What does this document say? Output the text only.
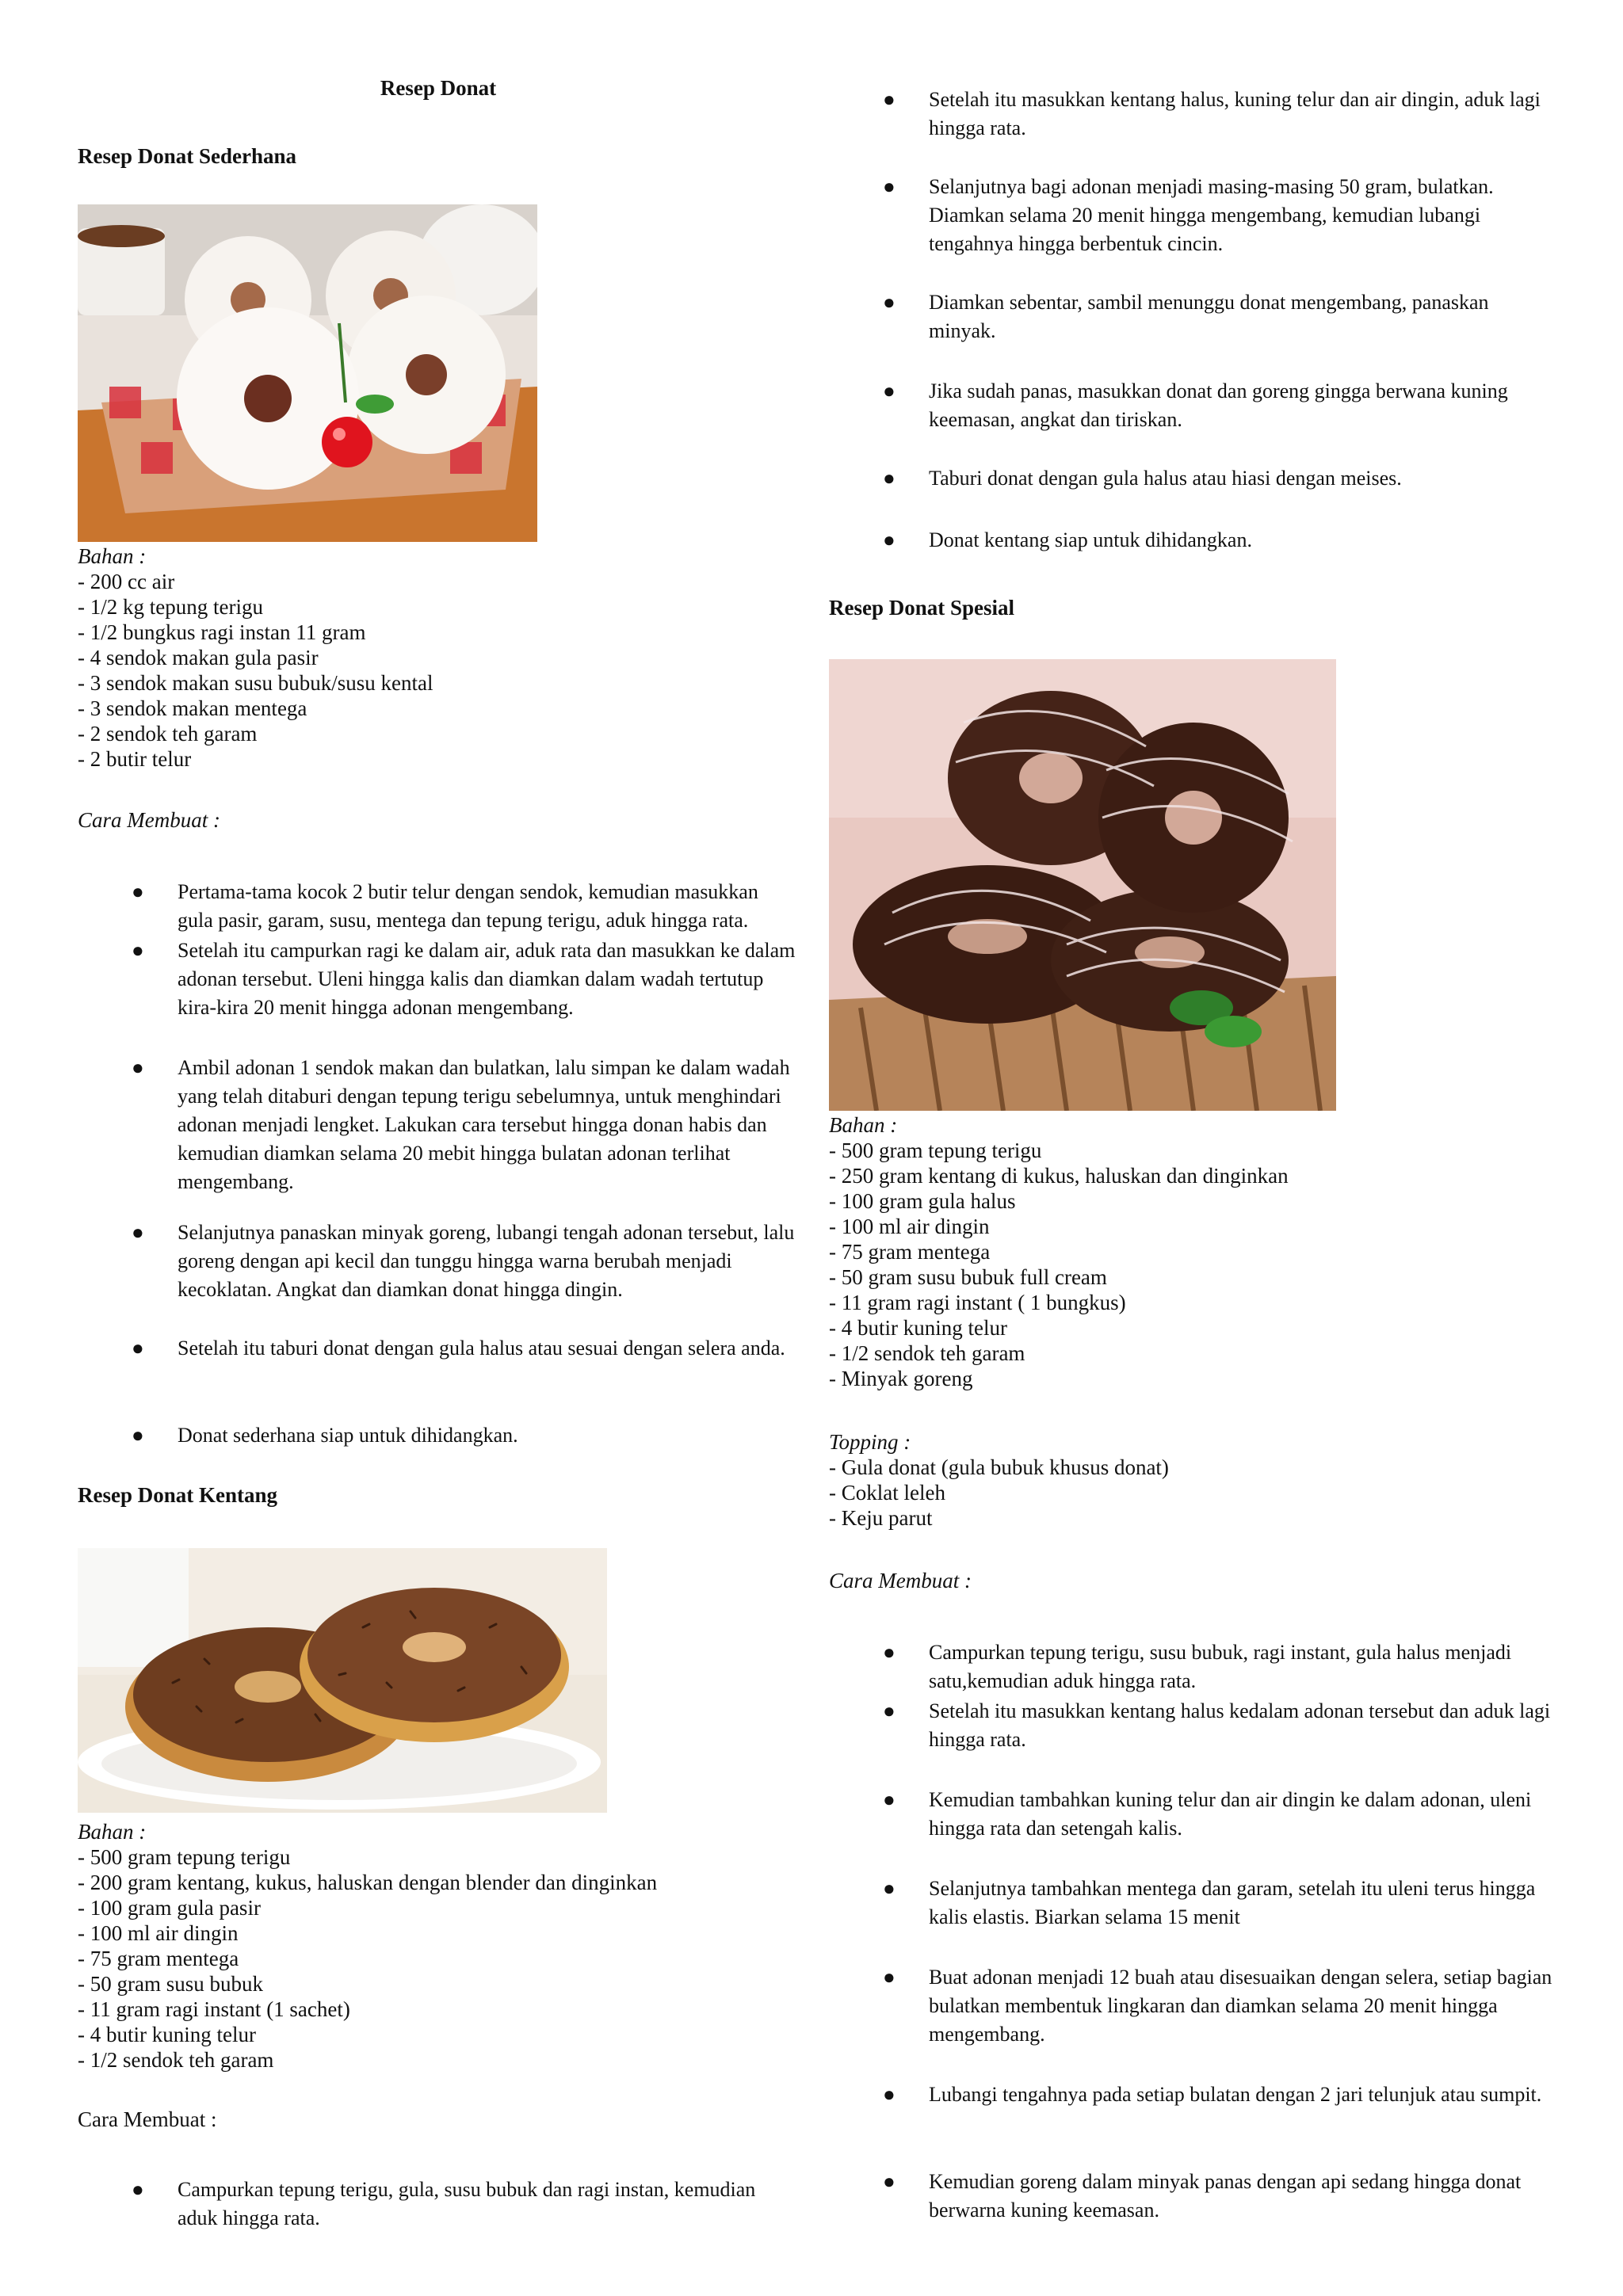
Resep Donat
Resep Donat Sederhana
Bahan :
- 200 cc air
- 1/2 kg tepung terigu
- 1/2 bungkus ragi instan 11 gram
- 4 sendok makan gula pasir
- 3 sendok makan susu bubuk/susu kental
- 3 sendok makan mentega
- 2 sendok teh garam
- 2 butir telur
Cara Membuat :
● Pertama-tama kocok 2 butir telur dengan sendok, kemudian masukkan gula pasir, garam, susu, mentega dan tepung terigu, aduk hingga rata.
● Setelah itu campurkan ragi ke dalam air, aduk rata dan masukkan ke dalam adonan tersebut. Uleni hingga kalis dan diamkan dalam wadah tertutup kira-kira 20 menit hingga adonan mengembang.
● Ambil adonan 1 sendok makan dan bulatkan, lalu simpan ke dalam wadah yang telah ditaburi dengan tepung terigu sebelumnya, untuk menghindari adonan menjadi lengket. Lakukan cara tersebut hingga donan habis dan kemudian diamkan selama 20 mebit hingga bulatan adonan terlihat mengembang.
● Selanjutnya panaskan minyak goreng, lubangi tengah adonan tersebut, lalu goreng dengan api kecil dan tunggu hingga warna berubah menjadi kecoklatan. Angkat dan diamkan donat hingga dingin.
● Setelah itu taburi donat dengan gula halus atau sesuai dengan selera anda.
● Donat sederhana siap untuk dihidangkan.
Resep Donat Kentang
Bahan :
- 500 gram tepung terigu
- 200 gram kentang, kukus, haluskan dengan blender dan dinginkan
- 100 gram gula pasir
- 100 ml air dingin
- 75 gram mentega
- 50 gram susu bubuk
- 11 gram ragi instant (1 sachet)
- 4 butir kuning telur
- 1/2 sendok teh garam
Cara Membuat :
● Campurkan tepung terigu, gula, susu bubuk dan ragi instan, kemudian aduk hingga rata.
● Setelah itu masukkan kentang halus, kuning telur dan air dingin, aduk lagi hingga rata.
● Selanjutnya bagi adonan menjadi masing-masing 50 gram, bulatkan. Diamkan selama 20 menit hingga mengembang, kemudian lubangi tengahnya hingga berbentuk cincin.
● Diamkan sebentar, sambil menunggu donat mengembang, panaskan minyak.
● Jika sudah panas, masukkan donat dan goreng gingga berwana kuning keemasan, angkat dan tiriskan.
● Taburi donat dengan gula halus atau hiasi dengan meises.
● Donat kentang siap untuk dihidangkan.
Resep Donat Spesial
Bahan :
- 500 gram tepung terigu
- 250 gram kentang di kukus, haluskan dan dinginkan
- 100 gram gula halus
- 100 ml air dingin
- 75 gram mentega
- 50 gram susu bubuk full cream
- 11 gram ragi instant ( 1 bungkus)
- 4 butir kuning telur
- 1/2 sendok teh garam
- Minyak goreng
Topping :
- Gula donat (gula bubuk khusus donat)
- Coklat leleh
- Keju parut
Cara Membuat :
● Campurkan tepung terigu, susu bubuk, ragi instant, gula halus menjadi satu,kemudian aduk hingga rata.
● Setelah itu masukkan kentang halus kedalam adonan tersebut dan aduk lagi hingga rata.
● Kemudian tambahkan kuning telur dan air dingin ke dalam adonan, uleni hingga rata dan setengah kalis.
● Selanjutnya tambahkan mentega dan garam, setelah itu uleni terus hingga kalis elastis. Biarkan selama 15 menit
● Buat adonan menjadi 12 buah atau disesuaikan dengan selera, setiap bagian bulatkan membentuk lingkaran dan diamkan selama 20 menit hingga mengembang.
● Lubangi tengahnya pada setiap bulatan dengan 2 jari telunjuk atau sumpit.
● Kemudian goreng dalam minyak panas dengan api sedang hingga donat berwarna kuning keemasan.
